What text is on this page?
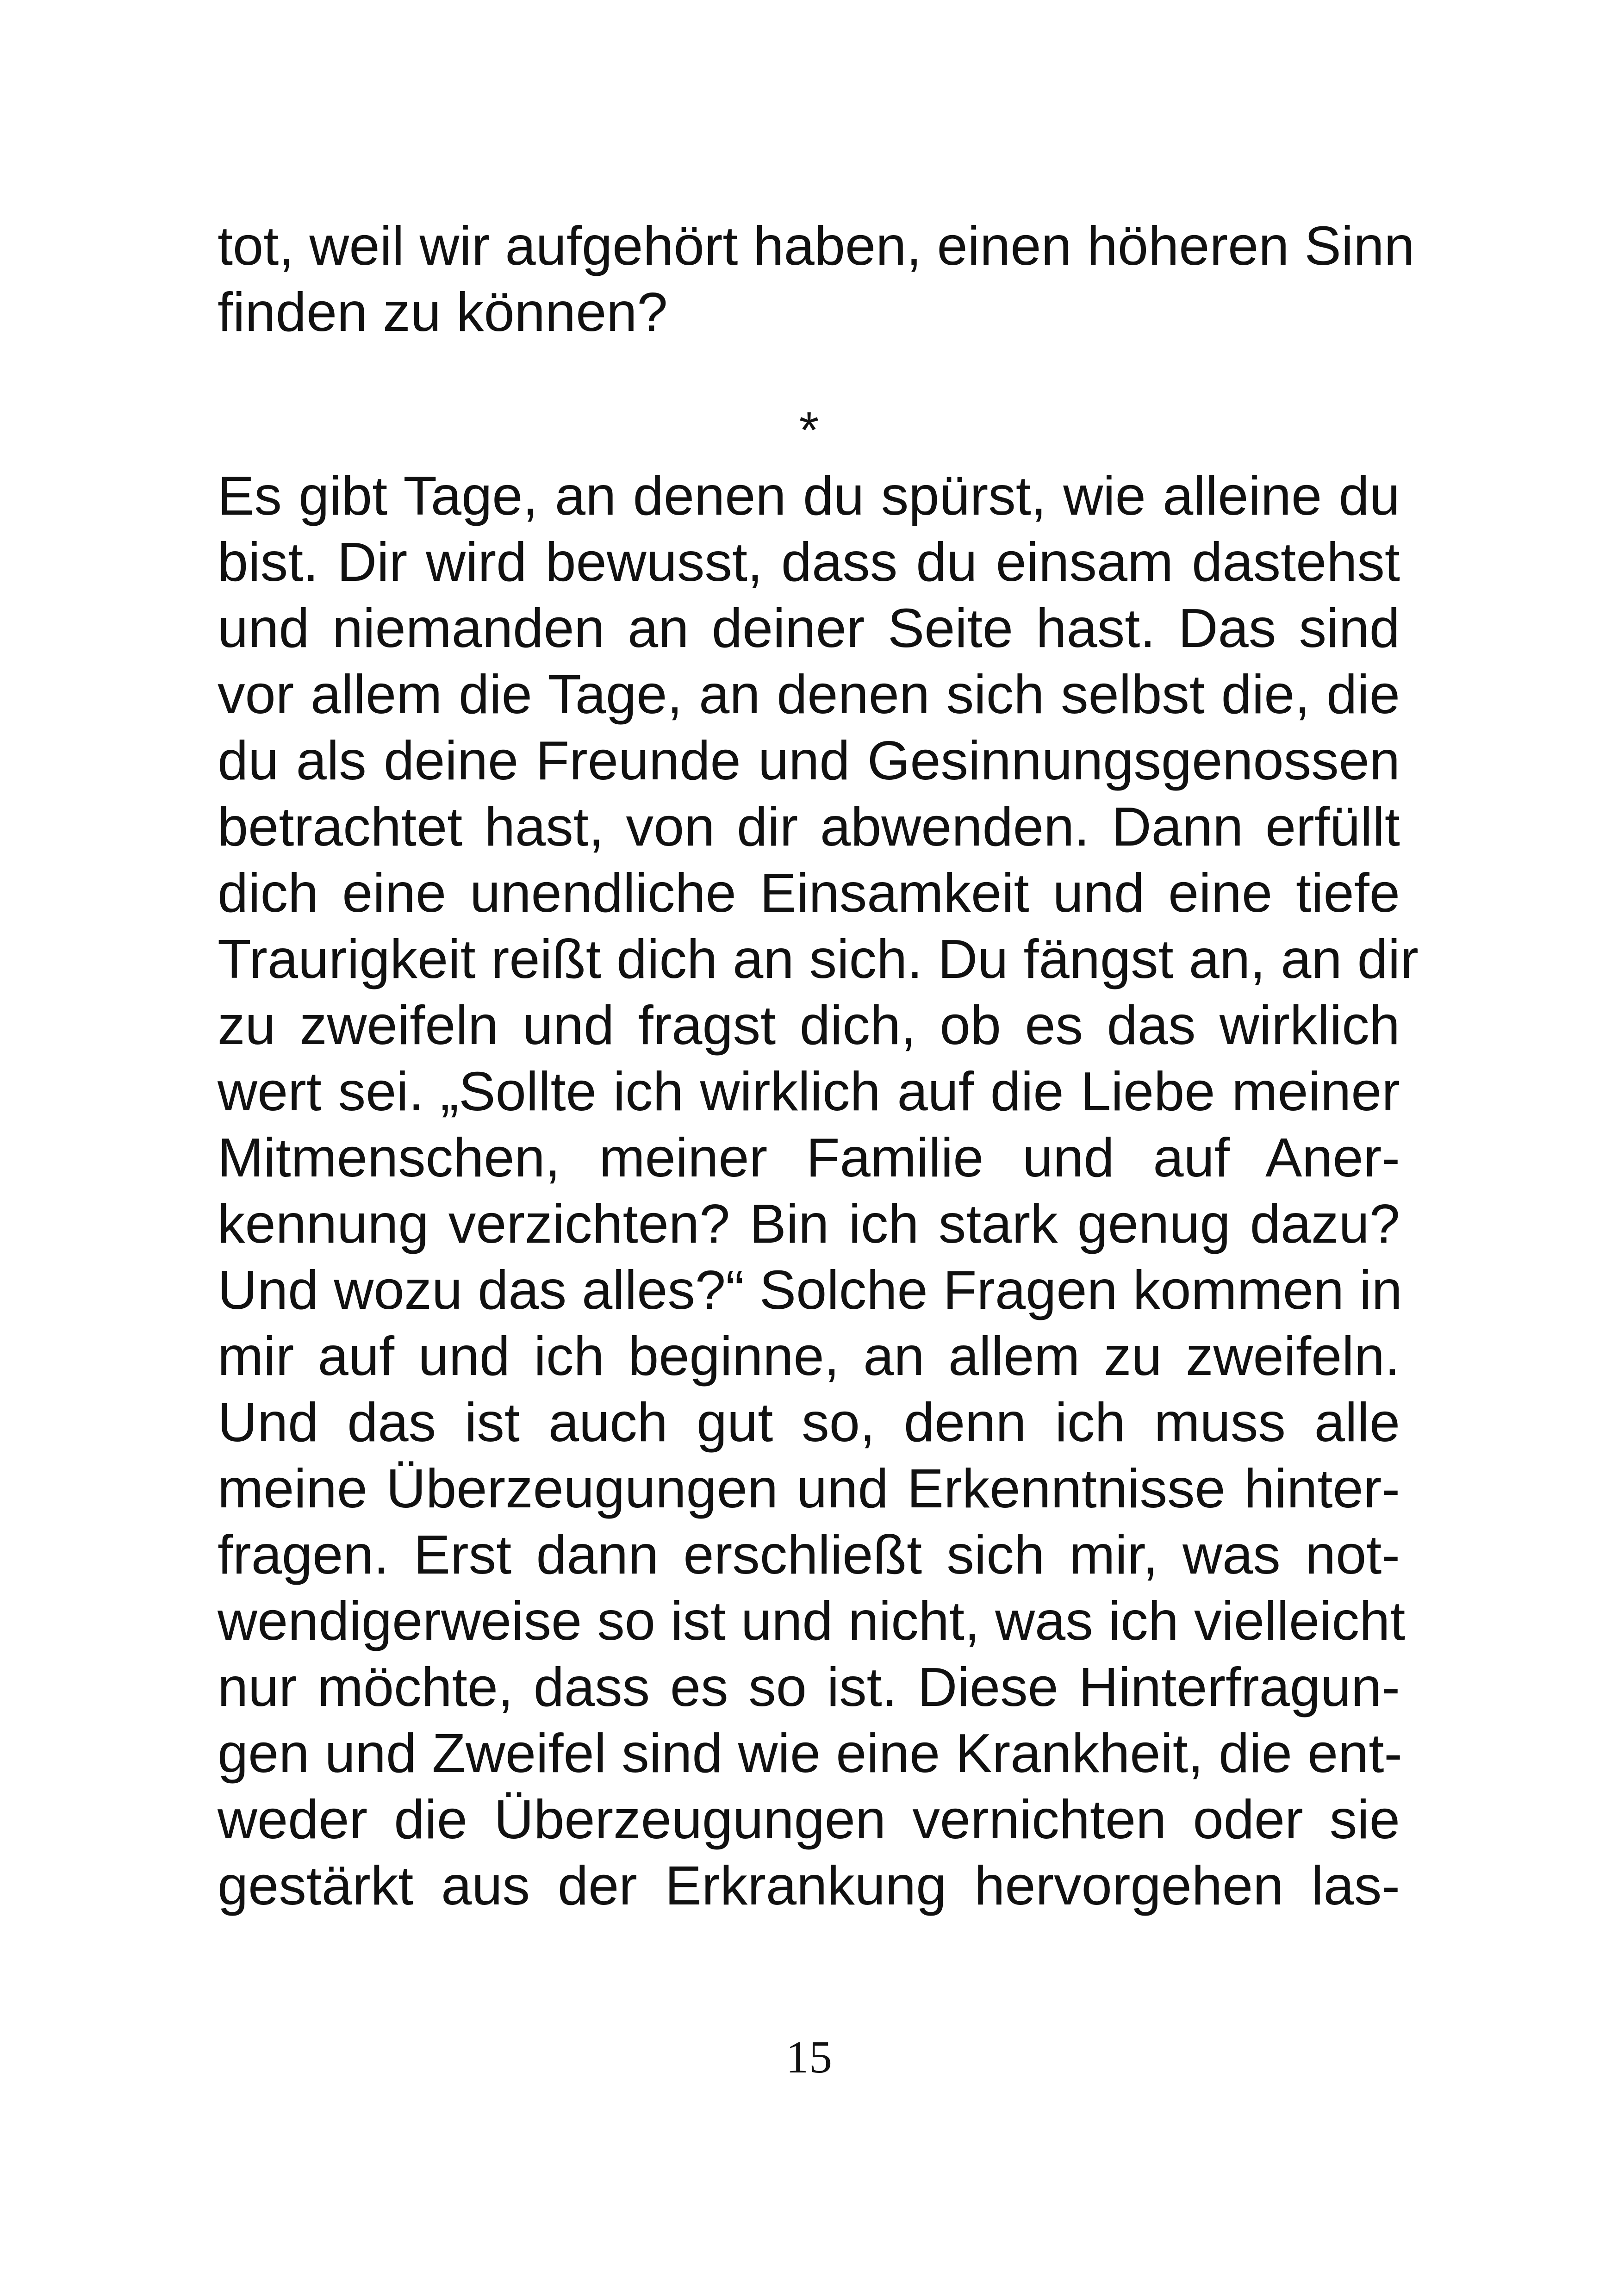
tot, weil wir aufgehört haben, einen höheren Sinn
finden zu können?
*
Es gibt Tage, an denen du spürst, wie alleine du
bist. Dir wird bewusst, dass du einsam dastehst
und niemanden an deiner Seite hast. Das sind
vor allem die Tage, an denen sich selbst die, die
du als deine Freunde und Gesinnungsgenossen
betrachtet hast, von dir abwenden. Dann erfüllt
dich eine unendliche Einsamkeit und eine tiefe
Traurigkeit reißt dich an sich. Du fängst an, an dir
zu zweifeln und fragst dich, ob es das wirklich
wert sei. „Sollte ich wirklich auf die Liebe meiner
Mitmenschen, meiner Familie und auf Aner-
kennung verzichten? Bin ich stark genug dazu?
Und wozu das alles?“ Solche Fragen kommen in
mir auf und ich beginne, an allem zu zweifeln.
Und das ist auch gut so, denn ich muss alle
meine Überzeugungen und Erkenntnisse hinter-
fragen. Erst dann erschließt sich mir, was not-
wendigerweise so ist und nicht, was ich vielleicht
nur möchte, dass es so ist. Diese Hinterfragun-
gen und Zweifel sind wie eine Krankheit, die ent-
weder die Überzeugungen vernichten oder sie
gestärkt aus der Erkrankung hervorgehen las-
15
